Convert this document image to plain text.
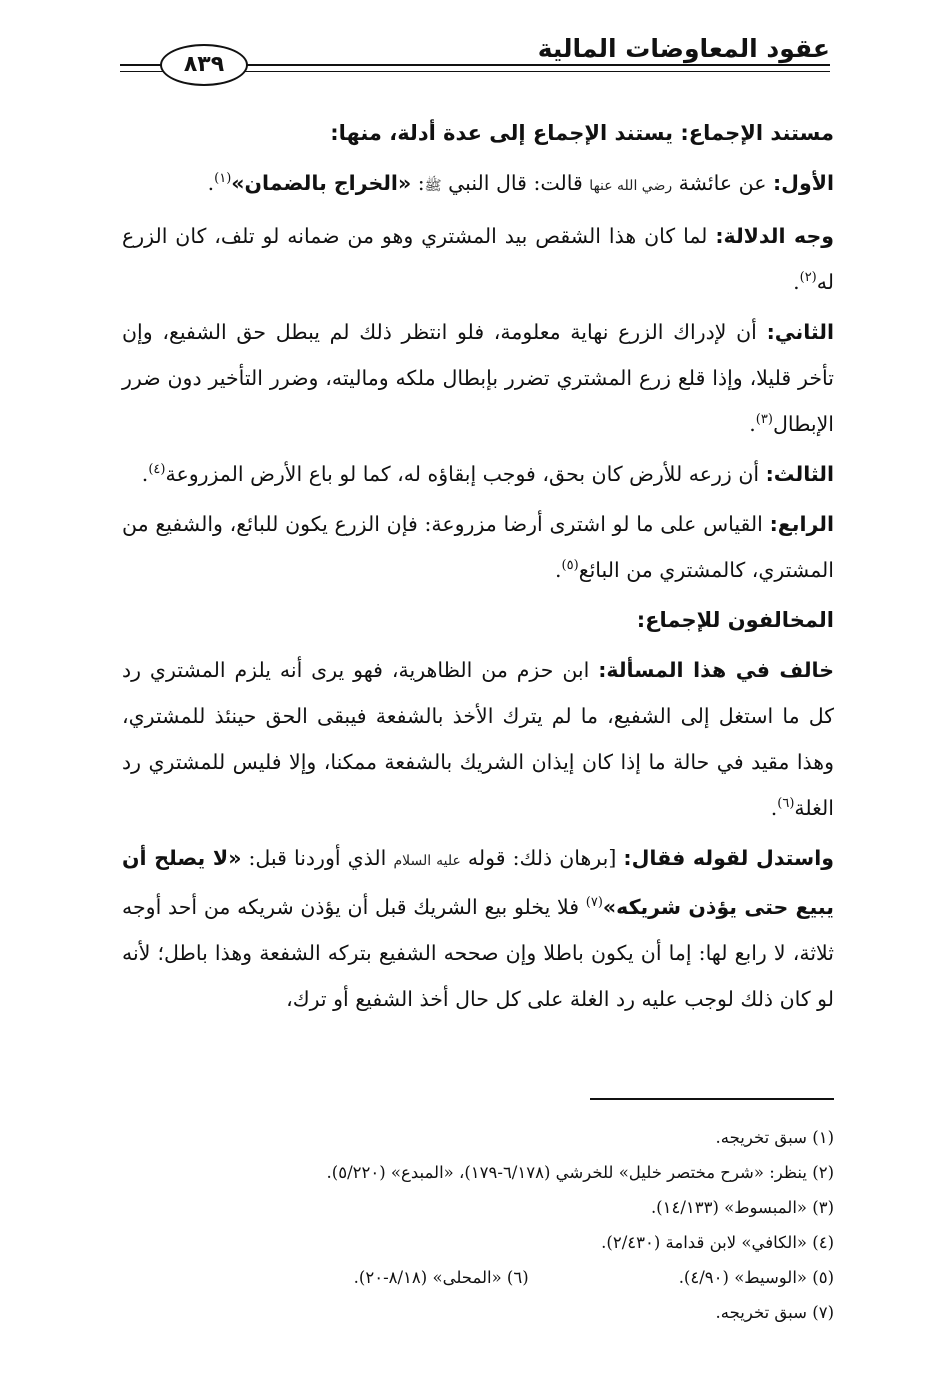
عقود المعاوضات المالية
٨٣٩

مستند الإجماع: يستند الإجماع إلى عدة أدلة، منها:

الأول: عن عائشة رضي الله عنها قالت: قال النبي ﷺ: «الخراج بالضمان»$^{(١)}$.

وجه الدلالة: لما كان هذا الشقص بيد المشتري وهو من ضمانه لو تلف، كان الزرع له$^{(٢)}$.

الثاني: أن لإدراك الزرع نهاية معلومة، فلو انتظر ذلك لم يبطل حق الشفيع، وإن تأخر قليلا، وإذا قلع زرع المشتري تضرر بإبطال ملكه وماليته، وضرر التأخير دون ضرر الإبطال$^{(٣)}$.

الثالث: أن زرعه للأرض كان بحق، فوجب إبقاؤه له، كما لو باع الأرض المزروعة$^{(٤)}$.

الرابع: القياس على ما لو اشترى أرضا مزروعة: فإن الزرع يكون للبائع، والشفيع من المشتري، كالمشتري من البائع$^{(٥)}$.

المخالفون للإجماع:

خالف في هذا المسألة: ابن حزم من الظاهرية، فهو يرى أنه يلزم المشتري رد كل ما استغل إلى الشفيع، ما لم يترك الأخذ بالشفعة فيبقى الحق حينئذ للمشتري، وهذا مقيد في حالة ما إذا كان إيذان الشريك بالشفعة ممكنا، وإلا فليس للمشتري رد الغلة$^{(٦)}$.

واستدل لقوله فقال: [برهان ذلك: قوله عليه السلام الذي أوردنا قبل: «لا يصلح أن يبيع حتى يؤذن شريكه»$^{(٧)}$ فلا يخلو بيع الشريك قبل أن يؤذن شريكه من أحد أوجه ثلاثة، لا رابع لها: إما أن يكون باطلا وإن صححه الشفيع بتركه الشفعة وهذا باطل؛ لأنه لو كان ذلك لوجب عليه رد الغلة على كل حال أخذ الشفيع أو ترك،

(١) سبق تخريجه.

(٢) ينظر: «شرح مختصر خليل» للخرشي (٦/١٧٨-١٧٩)، «المبدع» (٥/٢٢٠).

(٣) «المبسوط» (١٤/١٣٣).

(٤) «الكافي» لابن قدامة (٢/٤٣٠).

(٥) «الوسيط» (٤/٩٠).

(٦) «المحلى» (٨/١٨-٢٠).

(٧) سبق تخريجه.
